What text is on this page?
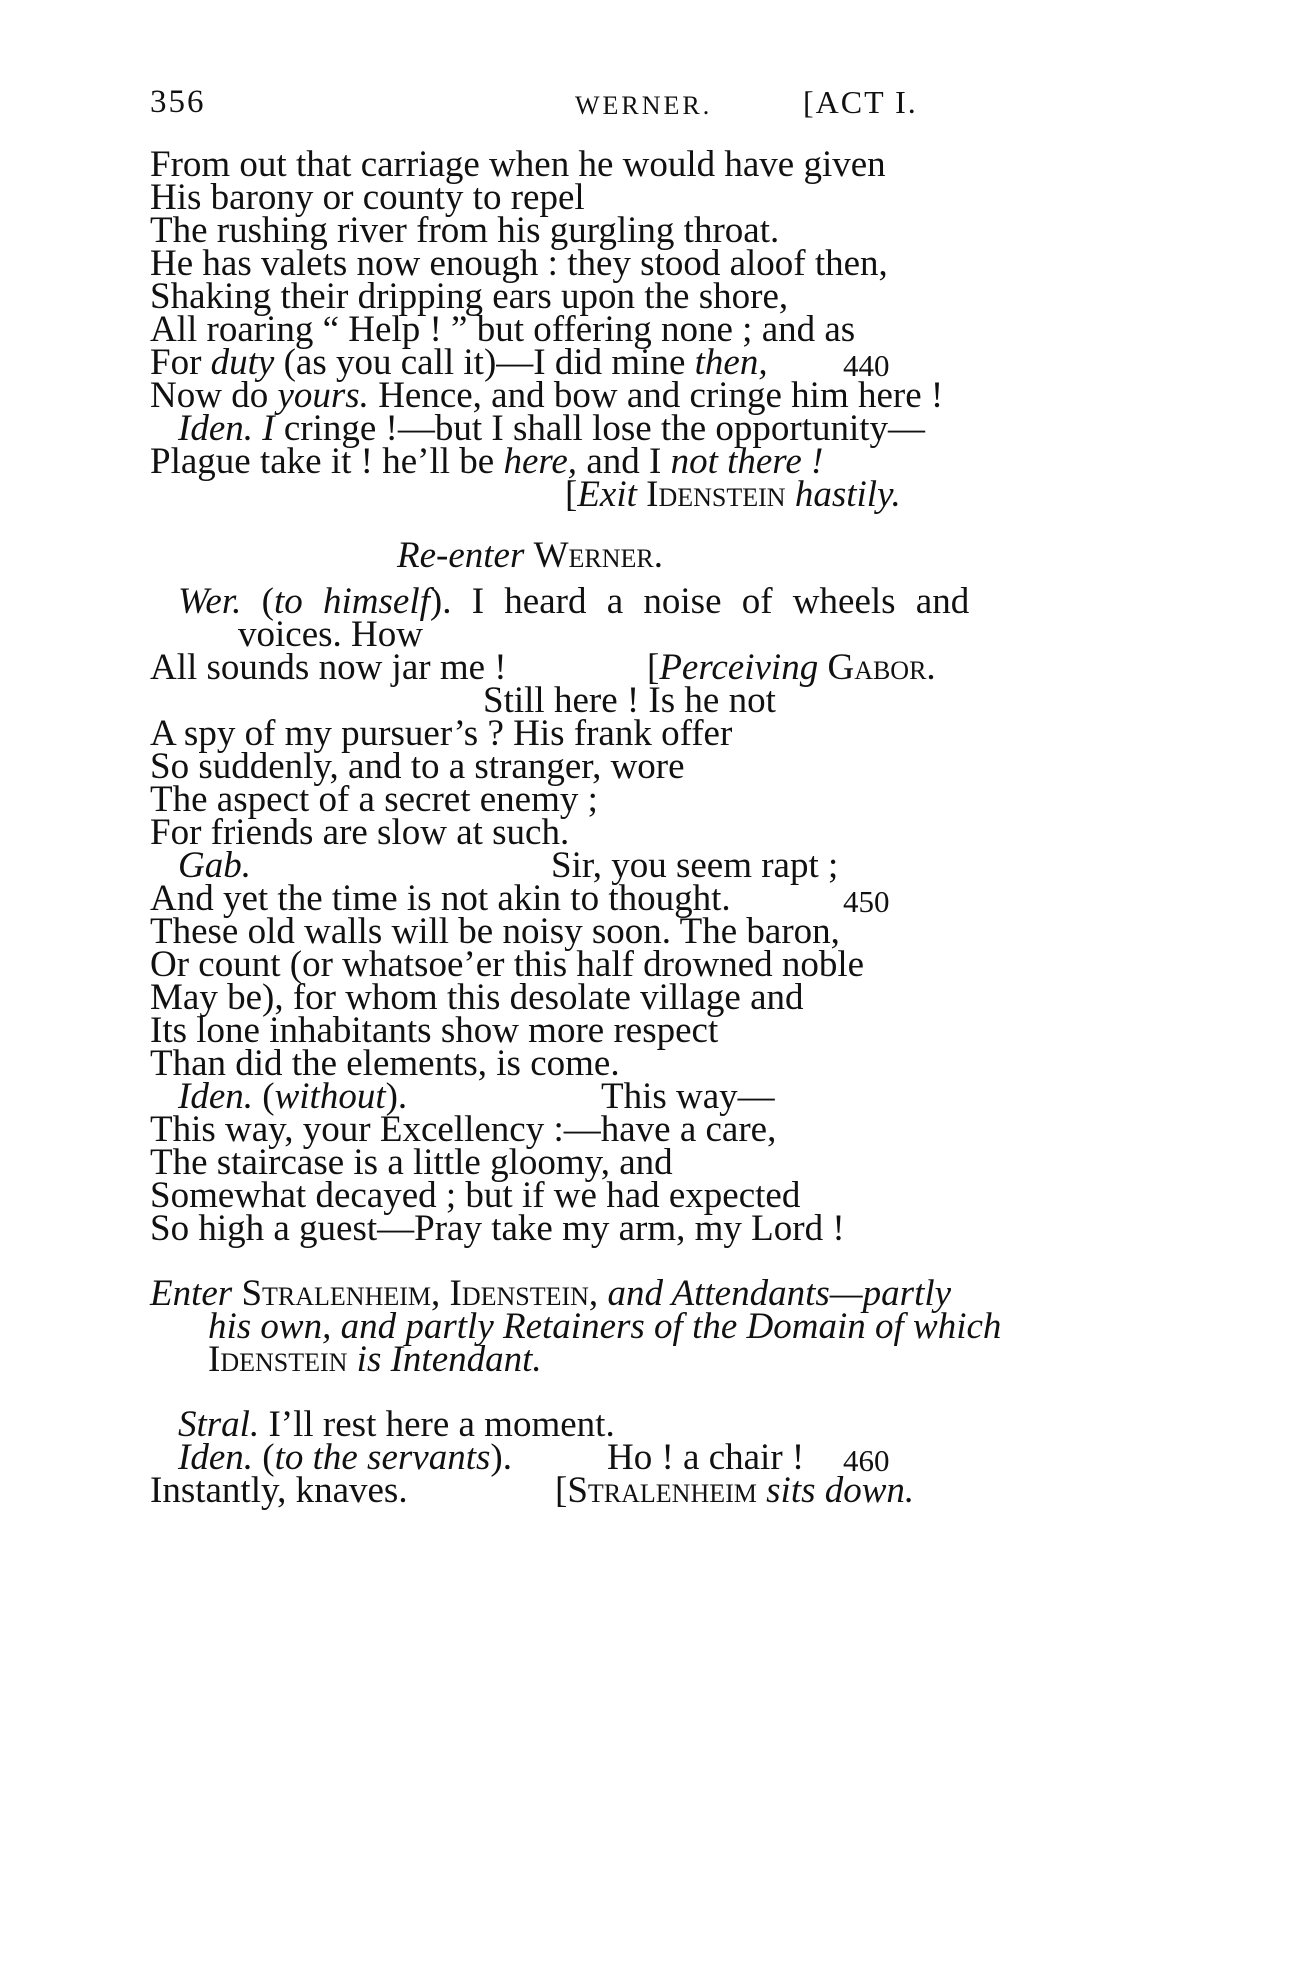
356	WERNER.	[ACT I.
From out that carriage when he would have given
His barony or county to repel
The rushing river from his gurgling throat.
He has valets now enough : they stood aloof then,
Shaking their dripping ears upon the shore,
All roaring “ Help ! ” but offering none ; and as
For duty (as you call it)—I did mine then, 440
Now do yours. Hence, and bow and cringe him here !
Iden. I cringe !—but I shall lose the opportunity—
Plague take it ! he’ll be here, and I not there !
[Exit Idenstein hastily.
Re-enter Werner.
Wer. (to himself). I heard a noise of wheels and
voices. How
All sounds now jar me !	[Perceiving Gabor.
Still here ! Is he not
A spy of my pursuer’s ? His frank offer
So suddenly, and to a stranger, wore
The aspect of a secret enemy ;
For friends are slow at such.
Gab.	Sir, you seem rapt ;
And yet the time is not akin to thought.	450
These old walls will be noisy soon. The baron,
Or count (or whatsoe’er this half drowned noble
May be), for whom this desolate village and
Its lone inhabitants show more respect
Than did the elements, is come.
Iden. (without).	This way—
This way, your Excellency :—have a care,
The staircase is a little gloomy, and
Somewhat decayed ; but if we had expected
So high a guest—Pray take my arm, my Lord !
Enter Stralenheim, Idenstein, and Attendants—partly
his own, and partly Retainers of the Domain of which
Idenstein is Intendant.
Stral. I’ll rest here a moment.
Iden. (to the servants).	Ho ! a chair ! 460
Instantly, knaves.	[Stralenheim sits down.
